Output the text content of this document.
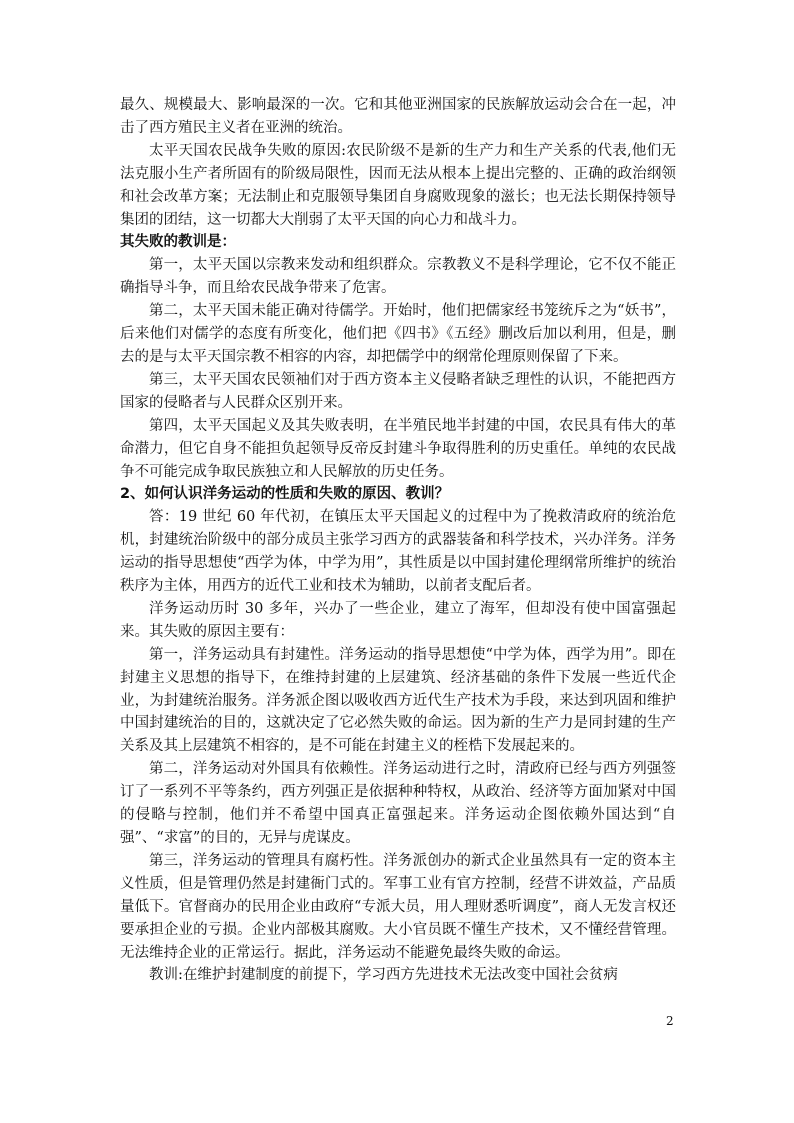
最久、规模最大、影响最深的一次。它和其他亚洲国家的民族解放运动会合在一起，冲击了西方殖民主义者在亚洲的统治。

太平天国农民战争失败的原因:农民阶级不是新的生产力和生产关系的代表,他们无法克服小生产者所固有的阶级局限性，因而无法从根本上提出完整的、正确的政治纲领和社会改革方案；无法制止和克服领导集团自身腐败现象的滋长；也无法长期保持领导集团的团结，这一切都大大削弱了太平天国的向心力和战斗力。

其失败的教训是：

第一，太平天国以宗教来发动和组织群众。宗教教义不是科学理论，它不仅不能正确指导斗争，而且给农民战争带来了危害。

第二，太平天国未能正确对待儒学。开始时，他们把儒家经书笼统斥之为“妖书”，后来他们对儒学的态度有所变化，他们把《四书》《五经》删改后加以利用，但是，删去的是与太平天国宗教不相容的内容，却把儒学中的纲常伦理原则保留了下来。

第三，太平天国农民领袖们对于西方资本主义侵略者缺乏理性的认识，不能把西方国家的侵略者与人民群众区别开来。

第四，太平天国起义及其失败表明，在半殖民地半封建的中国，农民具有伟大的革命潜力，但它自身不能担负起领导反帝反封建斗争取得胜利的历史重任。单纯的农民战争不可能完成争取民族独立和人民解放的历史任务。

2、如何认识洋务运动的性质和失败的原因、教训？

答：19 世纪 60 年代初，在镇压太平天国起义的过程中为了挽救清政府的统治危机，封建统治阶级中的部分成员主张学习西方的武器装备和科学技术，兴办洋务。洋务运动的指导思想使“西学为体，中学为用”，其性质是以中国封建伦理纲常所维护的统治秩序为主体，用西方的近代工业和技术为辅助，以前者支配后者。

洋务运动历时 30 多年，兴办了一些企业，建立了海军，但却没有使中国富强起来。其失败的原因主要有：

第一，洋务运动具有封建性。洋务运动的指导思想使“中学为体，西学为用”。即在封建主义思想的指导下，在维持封建的上层建筑、经济基础的条件下发展一些近代企业，为封建统治服务。洋务派企图以吸收西方近代生产技术为手段，来达到巩固和维护中国封建统治的目的，这就决定了它必然失败的命运。因为新的生产力是同封建的生产关系及其上层建筑不相容的，是不可能在封建主义的桎梏下发展起来的。

第二，洋务运动对外国具有依赖性。洋务运动进行之时，清政府已经与西方列强签订了一系列不平等条约，西方列强正是依据种种特权，从政治、经济等方面加紧对中国的侵略与控制，他们并不希望中国真正富强起来。洋务运动企图依赖外国达到“自强”、“求富”的目的，无异与虎谋皮。

第三，洋务运动的管理具有腐朽性。洋务派创办的新式企业虽然具有一定的资本主义性质，但是管理仍然是封建衙门式的。军事工业有官方控制，经营不讲效益，产品质量低下。官督商办的民用企业由政府“专派大员，用人理财悉听调度”，商人无发言权还要承担企业的亏损。企业内部极其腐败。大小官员既不懂生产技术，又不懂经营管理。无法维持企业的正常运行。据此，洋务运动不能避免最终失败的命运。

教训:在维护封建制度的前提下，学习西方先进技术无法改变中国社会贫病

2
